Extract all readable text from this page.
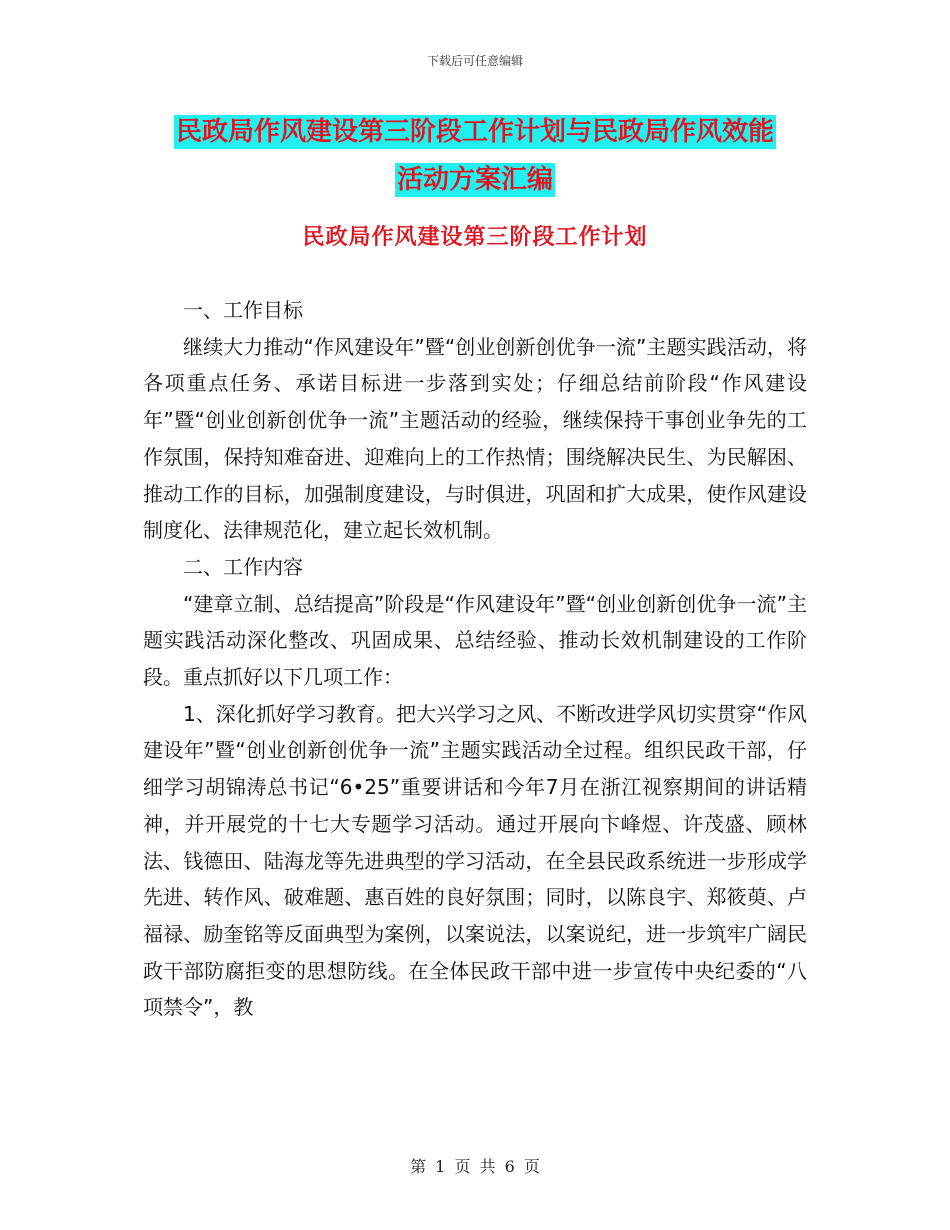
下载后可任意编辑
民政局作风建设第三阶段工作计划与民政局作风效能
活动方案汇编
民政局作风建设第三阶段工作计划

一、工作目标

继续大力推动“作风建设年”暨“创业创新创优争一流”主题实践活动，将各项重点任务、承诺目标进一步落到实处；仔细总结前阶段“作风建设年”暨“创业创新创优争一流”主题活动的经验，继续保持干事创业争先的工作氛围，保持知难奋进、迎难向上的工作热情；围绕解决民生、为民解困、推动工作的目标，加强制度建设，与时俱进，巩固和扩大成果，使作风建设制度化、法律规范化，建立起长效机制。

二、工作内容

“建章立制、总结提高”阶段是“作风建设年”暨“创业创新创优争一流”主题实践活动深化整改、巩固成果、总结经验、推动长效机制建设的工作阶段。重点抓好以下几项工作：

1、深化抓好学习教育。把大兴学习之风、不断改进学风切实贯穿“作风建设年”暨“创业创新创优争一流”主题实践活动全过程。组织民政干部，仔细学习胡锦涛总书记“6•25”重要讲话和今年7月在浙江视察期间的讲话精神，并开展党的十七大专题学习活动。通过开展向卞峰煜、许茂盛、顾林法、钱德田、陆海龙等先进典型的学习活动，在全县民政系统进一步形成学先进、转作风、破难题、惠百姓的良好氛围；同时，以陈良宇、郑筱萸、卢福禄、励奎铭等反面典型为案例，以案说法，以案说纪，进一步筑牢广阔民政干部防腐拒变的思想防线。在全体民政干部中进一步宣传中央纪委的“八项禁令”，教

第 1 页 共 6 页
